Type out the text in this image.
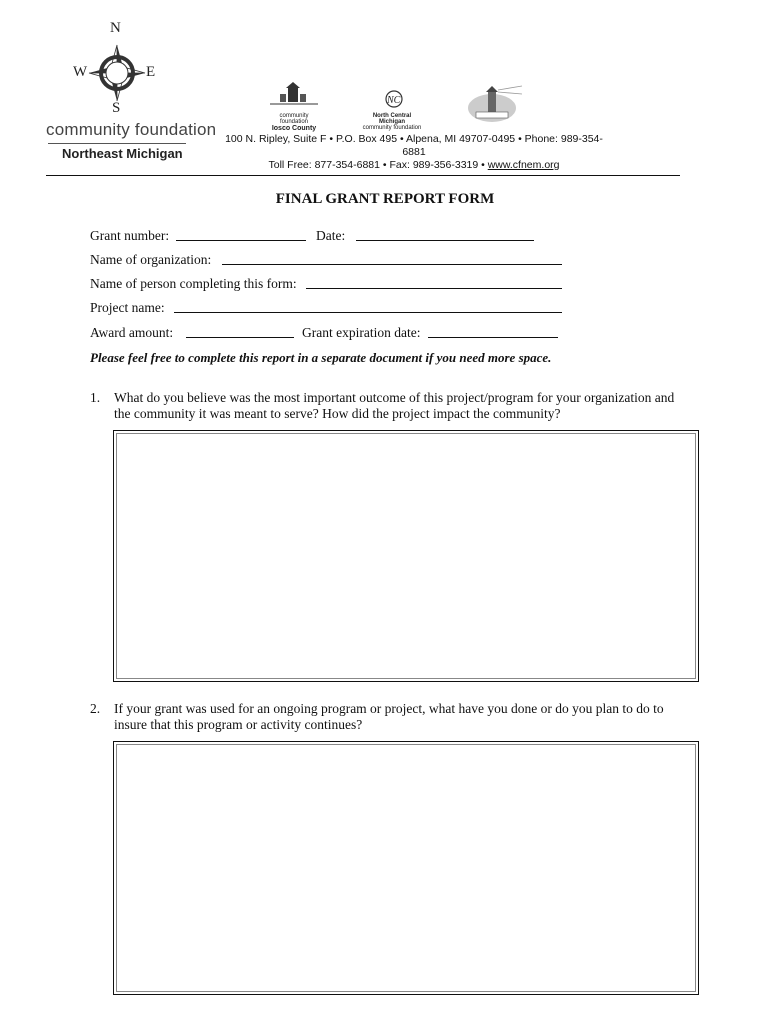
N
W	E
S
community foundation
Northeast Michigan
community foundation
Iosco County
NC
North Central Michigan
community foundation
100 N. Ripley, Suite F • P.O. Box 495 • Alpena, MI 49707-0495 • Phone: 989-354-6881
Toll Free: 877-354-6881 • Fax: 989-356-3319 • www.cfnem.org
FINAL GRANT REPORT FORM
Grant number:	Date:
Name of organization:
Name of person completing this form:
Project name:
Award amount:	Grant expiration date:
Please feel free to complete this report in a separate document if you need more space.
1.	What do you believe was the most important outcome of this project/program for your organization and the community it was meant to serve? How did the project impact the community?
2.	If your grant was used for an ongoing program or project, what have you done or do you plan to do to insure that this program or activity continues?
